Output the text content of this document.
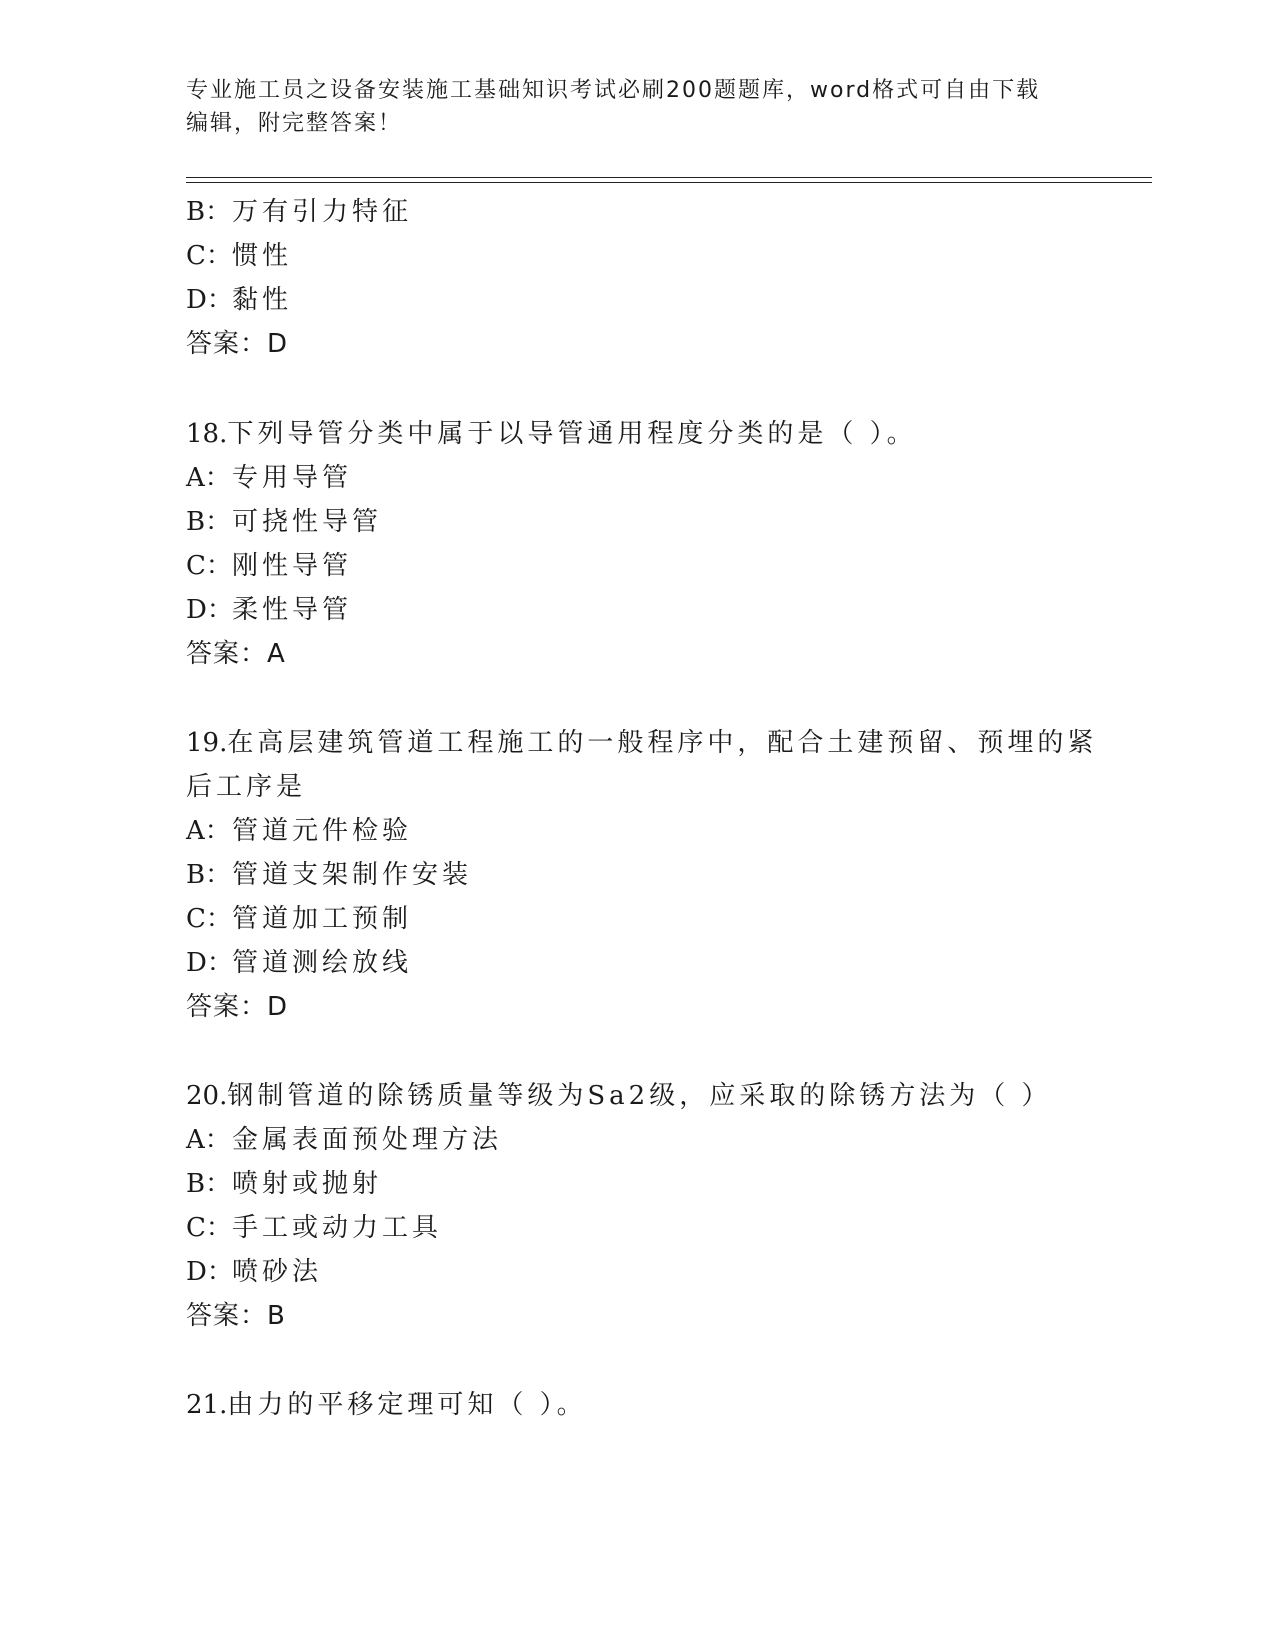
专业施工员之设备安装施工基础知识考试必刷200题题库，word格式可自由下载
编辑，附完整答案！
B：万有引力特征
C：惯性
D：黏性
答案：D
18.下列导管分类中属于以导管通用程度分类的是（ ）。
A：专用导管
B：可挠性导管
C：刚性导管
D：柔性导管
答案：A
19.在高层建筑管道工程施工的一般程序中，配合土建预留、预埋的紧
后工序是
A：管道元件检验
B：管道支架制作安装
C：管道加工预制
D：管道测绘放线
答案：D
20.钢制管道的除锈质量等级为Sa2级，应采取的除锈方法为（ ）
A：金属表面预处理方法
B：喷射或抛射
C：手工或动力工具
D：喷砂法
答案：B
21.由力的平移定理可知（ ）。
